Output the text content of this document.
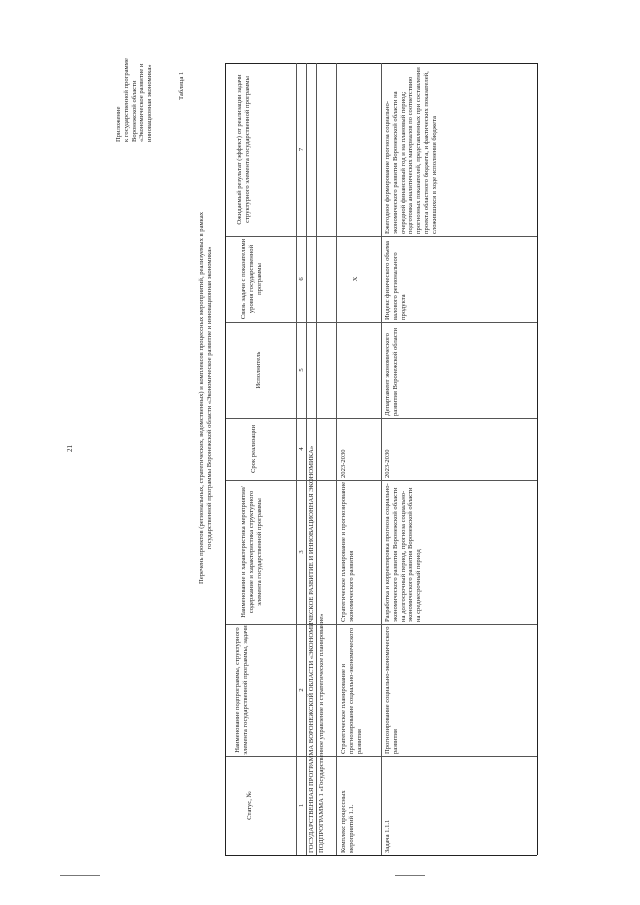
21
Приложение к государственной программе Воронежской области «Экономическое развитие и инновационная экономика»	Таблица 1
Перечень проектов (региональных, стратегических, ведомственных) и комплексов процессных мероприятий, реализуемых в рамках государственной программы Воронежской области «Экономическое развитие и инновационная экономика»
Статус, №
Наименование подпрограммы, структурного элемента государственной программы, задачи
Наименование и характеристика мероприятия/содержание и характеристика структурного элемента государственной программы
Срок реализации
Исполнитель
Связь задачи с показателями уровня государственной программы
Ожидаемый результат (эффект) от реализации задачи структурного элемента государственной программы
1
2
3
4
5
6
7
ГОСУДАРСТВЕННАЯ ПРОГРАММА ВОРОНЕЖСКОЙ ОБЛАСТИ «ЭКОНОМИЧЕСКОЕ РАЗВИТИЕ И ИННОВАЦИОННАЯ ЭКОНОМИКА» ПОДПРОГРАММА 1 «Государственное управление и стратегическое планирование» Комплекс процессных мероприятий 1.1.
Стратегическое планирование и прогнозирование социально-экономического развития
Стратегическое планирование и прогнозирование экономического развития
2023-2030
X
Задача 1.1.1
Прогнозирование социально-экономического развития
Разработка и корректировка прогноза социально-экономического развития Воронежской области на долгосрочный период, прогноза социально-экономического развития Воронежской области на среднесрочный период
2023-2030
Департамент экономического развития Воронежской области
Индекс физического объема валового регионального продукта
Ежегодное формирование прогноза социально-экономического развития Воронежской области на очередной финансовый год и на плановый период; подготовка аналитических материалов по соответствию прогнозных показателей, представленных при составлении проекта областного бюджета, и фактических показателей, сложившихся в ходе исполнения бюджета
